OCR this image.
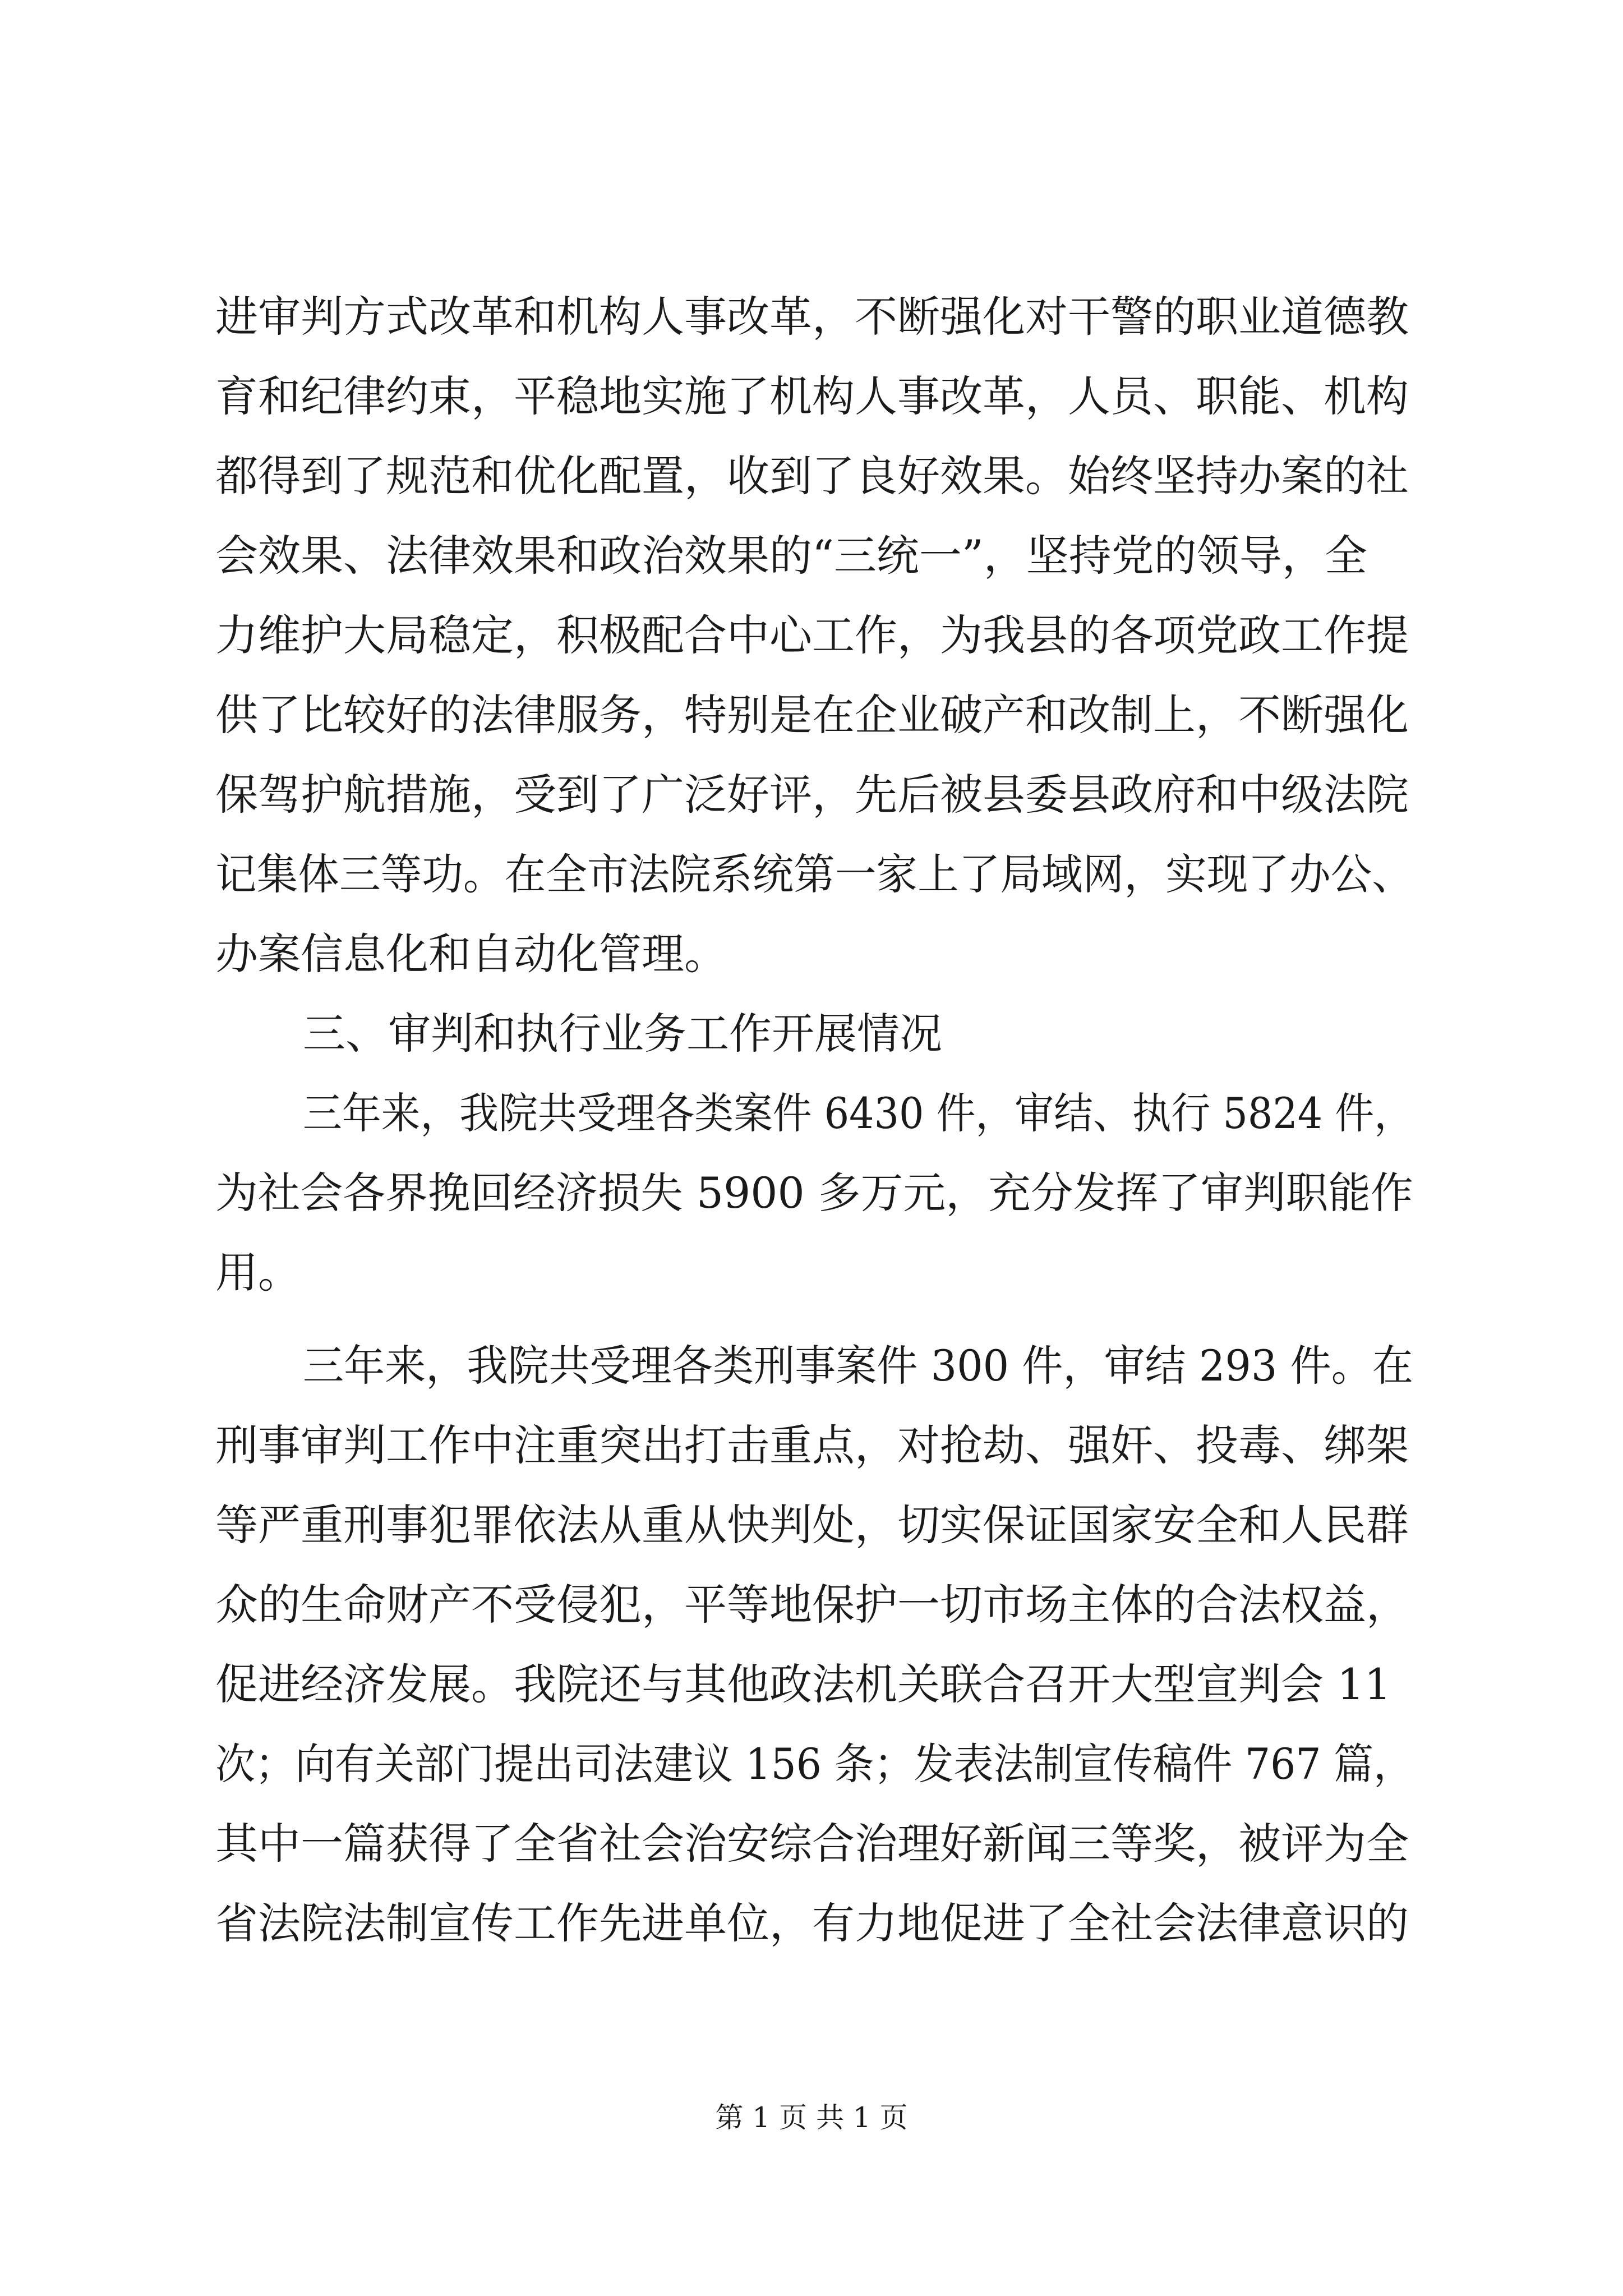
进审判方式改革和机构人事改革，不断强化对干警的职业道德教
育和纪律约束，平稳地实施了机构人事改革，人员、职能、机构
都得到了规范和优化配置，收到了良好效果。始终坚持办案的社
会效果、法律效果和政治效果的“三统一”，坚持党的领导，全
力维护大局稳定，积极配合中心工作，为我县的各项党政工作提
供了比较好的法律服务，特别是在企业破产和改制上，不断强化
保驾护航措施，受到了广泛好评，先后被县委县政府和中级法院
记集体三等功。在全市法院系统第一家上了局域网，实现了办公、
办案信息化和自动化管理。
三、审判和执行业务工作开展情况
三年来，我院共受理各类案件 6430 件，审结、执行 5824 件，
为社会各界挽回经济损失 5900 多万元，充分发挥了审判职能作
用。
三年来，我院共受理各类刑事案件 300 件，审结 293 件。在
刑事审判工作中注重突出打击重点，对抢劫、强奸、投毒、绑架
等严重刑事犯罪依法从重从快判处，切实保证国家安全和人民群
众的生命财产不受侵犯，平等地保护一切市场主体的合法权益，
促进经济发展。我院还与其他政法机关联合召开大型宣判会 11
次；向有关部门提出司法建议 156 条；发表法制宣传稿件 767 篇，
其中一篇获得了全省社会治安综合治理好新闻三等奖，被评为全
省法院法制宣传工作先进单位，有力地促进了全社会法律意识的
第 1 页 共 1 页
